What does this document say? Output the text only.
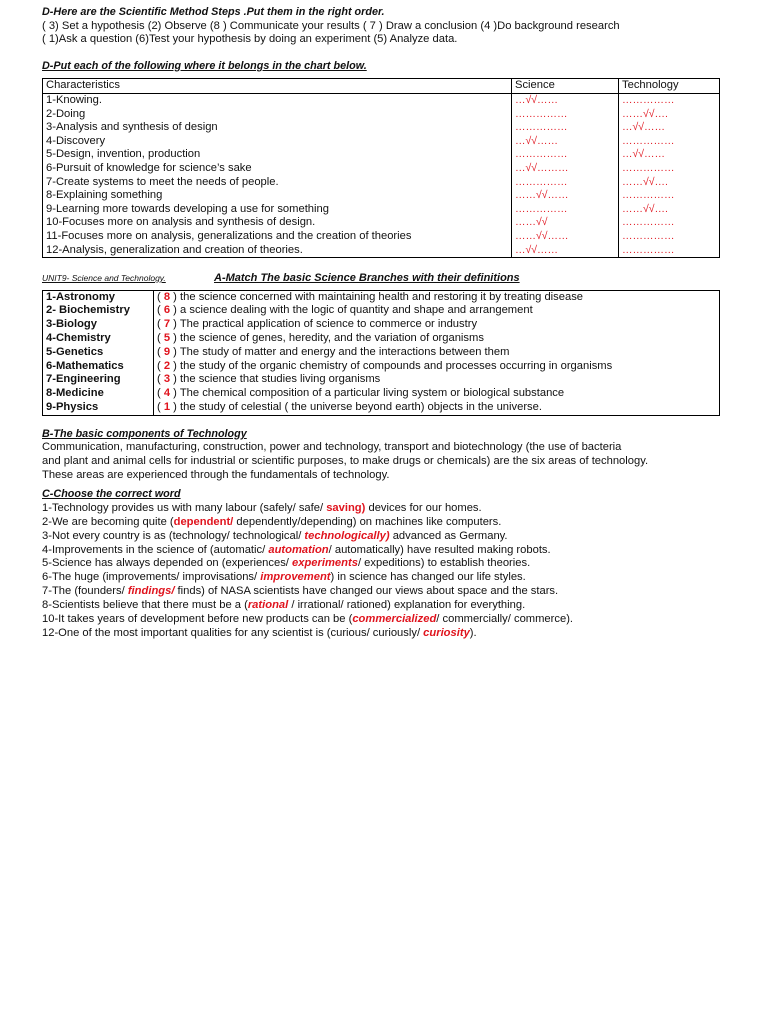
D-Here are the Scientific Method Steps .Put them in the right order.
( 3) Set a hypothesis (2) Observe (8 ) Communicate your results ( 7 ) Draw a conclusion (4 )Do background research
( 1)Ask a question (6)Test your hypothesis by doing an experiment (5) Analyze data.
D-Put each of the following where it belongs in the chart below.
Characteristics	Science	Technology
1-Knowing.	…√√……	……………
2-Doing	……………	……√√….
3-Analysis and synthesis of design	……………	…√√……
4-Discovery	…√√……	……………
5-Design, invention, production	……………	…√√……
6-Pursuit of knowledge for science’s sake	…√√………	……………
7-Create systems to meet the needs of people.	……………	……√√….
8-Explaining something	……√√……	……………
9-Learning more towards developing a use for something	……………	……√√….
10-Focuses more on analysis and synthesis of design.	……√√	……………
11-Focuses more on analysis, generalizations and the creation of theories	……√√……	……………
12-Analysis, generalization and creation of theories.	…√√……	……………
UNIT9- Science and Technology.	A-Match The basic Science Branches with their definitions
1-Astronomy	( 8 ) the science concerned with maintaining health and restoring it by treating disease
2- Biochemistry	( 6 ) a science dealing with the logic of quantity and shape and arrangement
3-Biology	( 7 ) The practical application of science to commerce or industry
4-Chemistry	( 5 ) the science of genes, heredity, and the variation of organisms
5-Genetics	( 9 ) The study of matter and energy and the interactions between them
6-Mathematics	( 2 ) the study of the organic chemistry of compounds and processes occurring in organisms
7-Engineering	( 3 ) the science that studies living organisms
8-Medicine	( 4 ) The chemical composition of a particular living system or biological substance
9-Physics	( 1 ) the study of celestial ( the universe beyond earth) objects in the universe.
B-The basic components of Technology
Communication, manufacturing, construction, power and technology, transport and biotechnology (the use of bacteria
and plant and animal cells for industrial or scientific purposes, to make drugs or chemicals) are the six areas of technology.
These areas are experienced through the fundamentals of technology.
C-Choose the correct word
1-Technology provides us with many labour (safely/ safe/ saving) devices for our homes.
2-We are becoming quite (dependent/ dependently/depending) on machines like computers.
3-Not every country is as (technology/ technological/ technologically) advanced as Germany.
4-Improvements in the science of (automatic/ automation/ automatically) have resulted making robots.
5-Science has always depended on (experiences/ experiments/ expeditions) to establish theories.
6-The huge (improvements/ improvisations/ improvement) in science has changed our life styles.
7-The (founders/ findings/ finds) of NASA scientists have changed our views about space and the stars.
8-Scientists believe that there must be a (rational / irrational/ rationed) explanation for everything.
10-It takes years of development before new products can be (commercialized/ commercially/ commerce).
12-One of the most important qualities for any scientist is (curious/ curiously/ curiosity).
